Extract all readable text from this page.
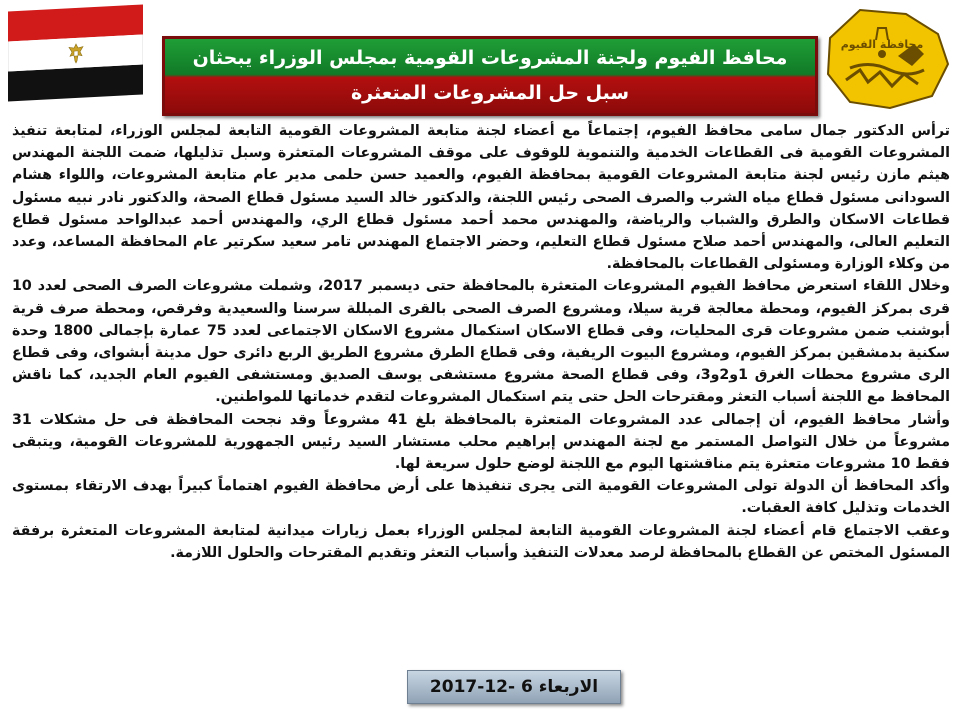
محافظة الفيوم
محافظ الفيوم ولجنة المشروعات القومية بمجلس الوزراء يبحثان
سبل حل المشروعات المتعثرة

ترأس الدكتور جمال سامى محافظ الفيوم، إجتماعاً مع أعضاء لجنة متابعة المشروعات القومية التابعة لمجلس الوزراء، لمتابعة تنفيذ المشروعات القومية فى القطاعات الخدمية والتنموية للوقوف على موقف المشروعات المتعثرة وسبل تذليلها، ضمت اللجنة المهندس هيثم مازن رئيس لجنة متابعة المشروعات القومية بمحافظة الفيوم، والعميد حسن حلمى مدير عام متابعة المشروعات، واللواء هشام السودانى مسئول قطاع مياه الشرب والصرف الصحى رئيس اللجنة، والدكتور خالد السيد مسئول قطاع الصحة، والدكتور نادر نبيه مسئول قطاعات الاسكان والطرق والشباب والرياضة، والمهندس محمد أحمد مسئول قطاع الري، والمهندس أحمد عبدالواحد مسئول قطاع التعليم العالى، والمهندس أحمد صلاح مسئول قطاع التعليم، وحضر الاجتماع المهندس تامر سعيد سكرتير عام المحافظة المساعد، وعدد من وكلاء الوزارة ومسئولى القطاعات بالمحافظة.

وخلال اللقاء استعرض محافظ الفيوم المشروعات المتعثرة بالمحافظة حتى ديسمبر 2017، وشملت مشروعات الصرف الصحى لعدد 10 قرى بمركز الفيوم، ومحطة معالجة قرية سيلا، ومشروع الصرف الصحى بالقرى المبللة سرسنا والسعيدية وفرقص، ومحطة صرف قرية أبوشنب ضمن مشروعات قرى المحليات، وفى قطاع الاسكان استكمال مشروع الاسكان الاجتماعى لعدد 75 عمارة بإجمالى 1800 وحدة سكنية بدمشقين بمركز الفيوم، ومشروع البيوت الريفية، وفى قطاع الطرق مشروع الطريق الربع دائرى حول مدينة أبشواى، وفى قطاع الرى مشروع محطات الغرق 1و2و3، وفى قطاع الصحة مشروع مستشفى يوسف الصديق ومستشفى الفيوم العام الجديد، كما ناقش المحافظ مع اللجنة أسباب التعثر ومقترحات الحل حتى يتم استكمال المشروعات لتقدم خدماتها للمواطنين.

وأشار محافظ الفيوم، أن إجمالى عدد المشروعات المتعثرة بالمحافظة بلغ 41 مشروعاً وقد نجحت المحافظة فى حل مشكلات 31 مشروعاً من خلال التواصل المستمر مع لجنة المهندس إبراهيم محلب مستشار السيد رئيس الجمهورية للمشروعات القومية، ويتبقى فقط 10 مشروعات متعثرة يتم مناقشتها اليوم مع اللجنة لوضع حلول سريعة لها.

وأكد المحافظ أن الدولة تولى المشروعات القومية التى يجرى تنفيذها على أرض محافظة الفيوم اهتماماً كبيراً بهدف الارتقاء بمستوى الخدمات وتذليل كافة العقبات.

وعقب الاجتماع قام أعضاء لجنة المشروعات القومية التابعة لمجلس الوزراء بعمل زيارات ميدانية لمتابعة المشروعات المتعثرة برفقة المسئول المختص عن القطاع بالمحافظة لرصد معدلات التنفيذ وأسباب التعثر وتقديم المقترحات والحلول اللازمة.

الاربعاء 6 -12-2017
